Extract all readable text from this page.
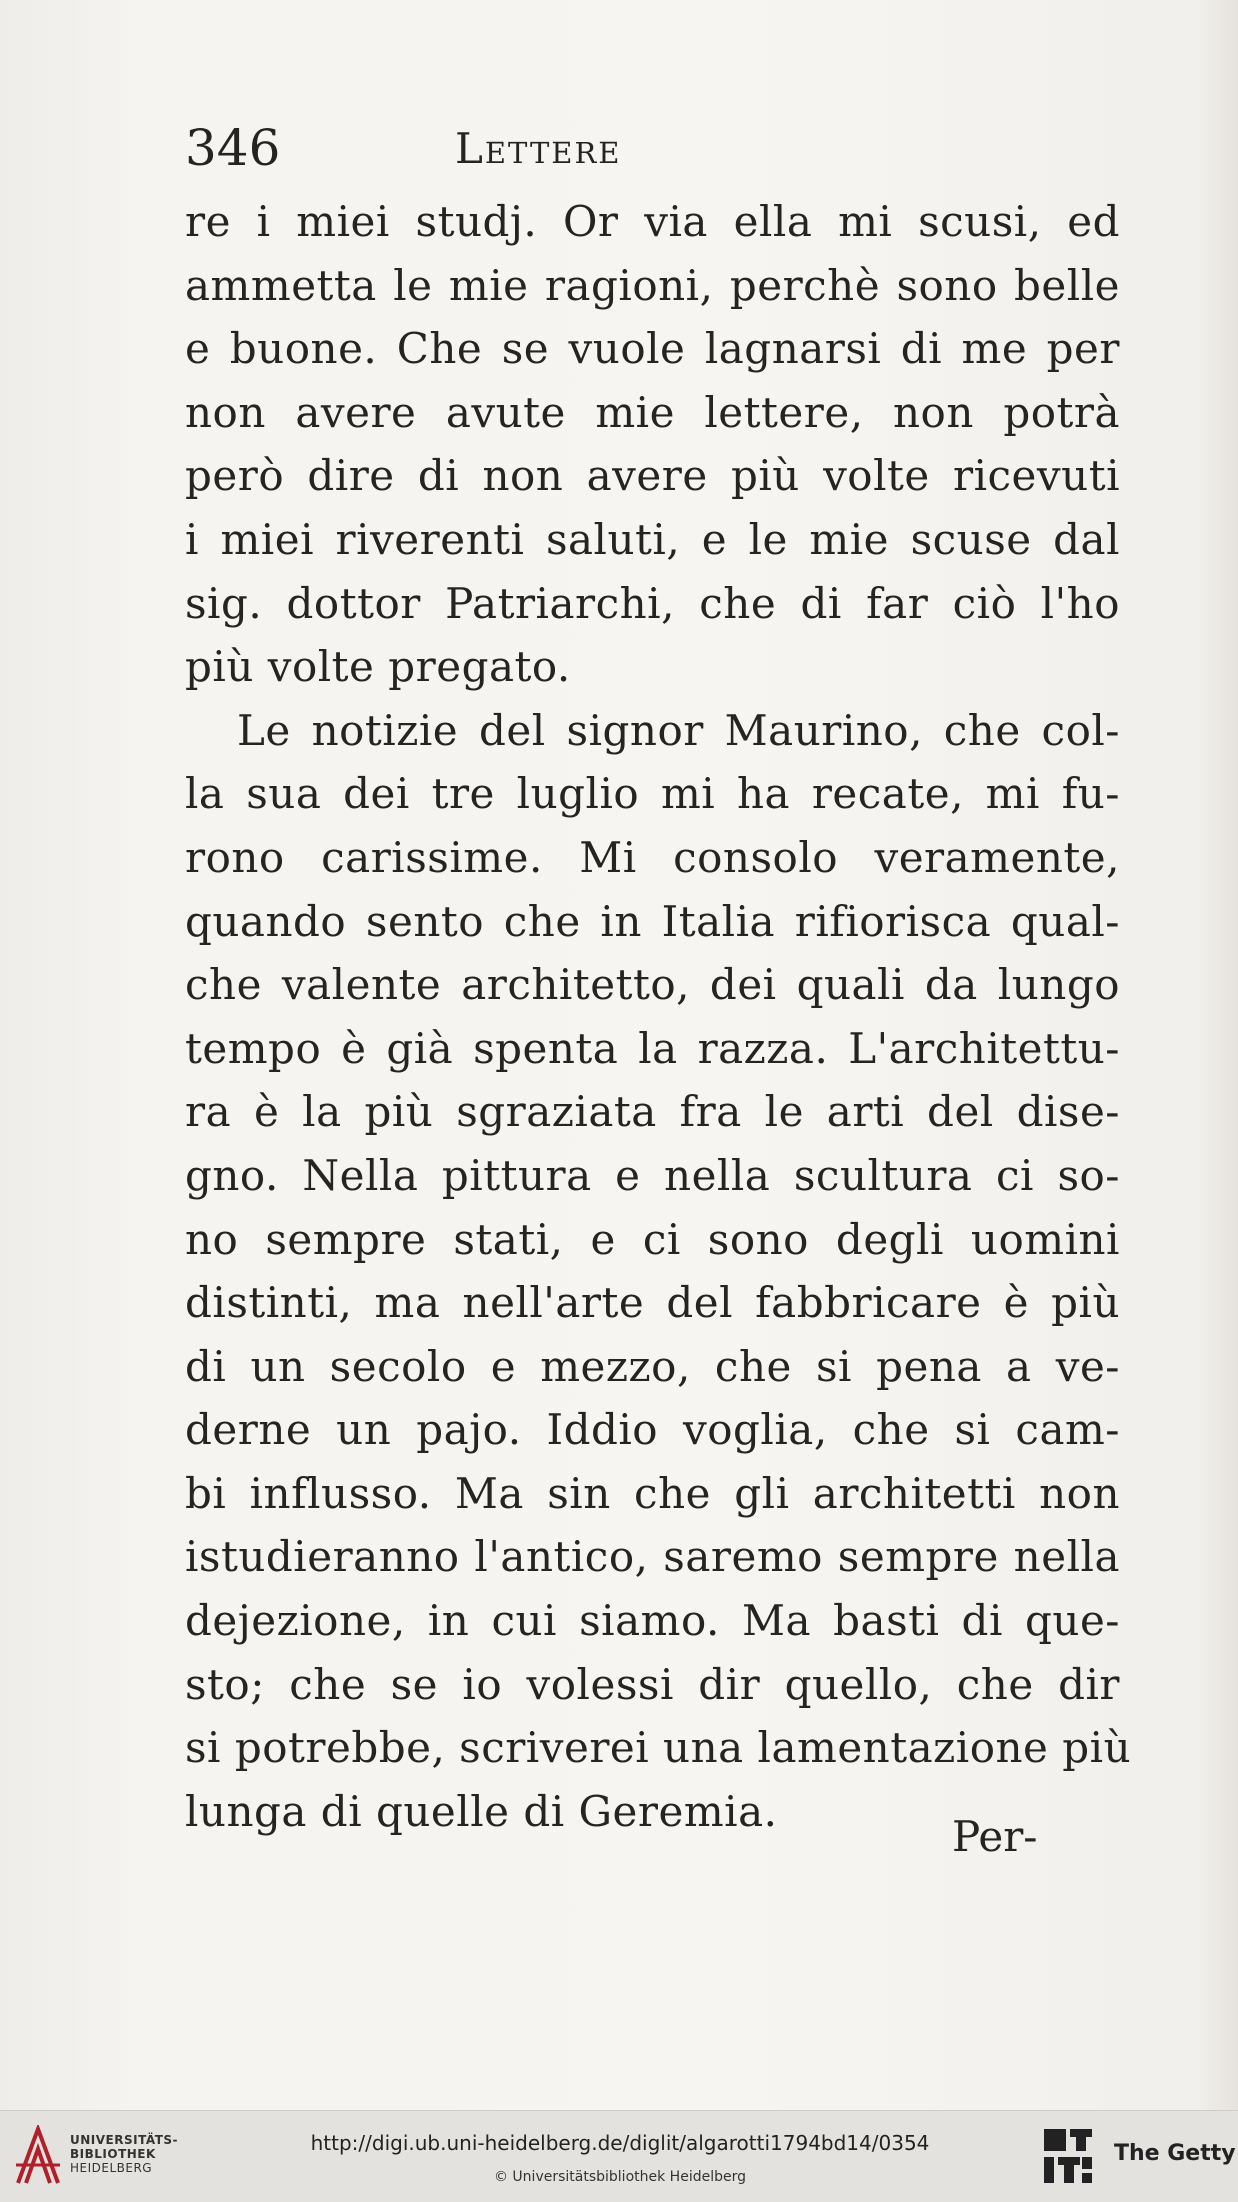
346	Lettere
re i miei studj. Or via ella mi scusi, ed
ammetta le mie ragioni, perchè sono belle
e buone. Che se vuole lagnarsi di me per
non avere avute mie lettere, non potrà
però dire di non avere più volte ricevuti
i miei riverenti saluti, e le mie scuse dal
sig. dottor Patriarchi, che di far ciò l'ho
più volte pregato.
Le notizie del signor Maurino, che col-
la sua dei tre luglio mi ha recate, mi fu-
rono carissime. Mi consolo veramente,
quando sento che in Italia rifiorisca qual-
che valente architetto, dei quali da lungo
tempo è già spenta la razza. L'architettu-
ra è la più sgraziata fra le arti del dise-
gno. Nella pittura e nella scultura ci so-
no sempre stati, e ci sono degli uomini
distinti, ma nell'arte del fabbricare è più
di un secolo e mezzo, che si pena a ve-
derne un pajo. Iddio voglia, che si cam-
bi influsso. Ma sin che gli architetti non
istudieranno l'antico, saremo sempre nella
dejezione, in cui siamo. Ma basti di que-
sto; che se io volessi dir quello, che dir
si potrebbe, scriverei una lamentazione più
lunga di quelle di Geremia.
Per-
UNIVERSITÄTS-
BIBLIOTHEK
HEIDELBERG
http://digi.ub.uni-heidelberg.de/diglit/algarotti1794bd14/0354
© Universitätsbibliothek Heidelberg
The Getty
